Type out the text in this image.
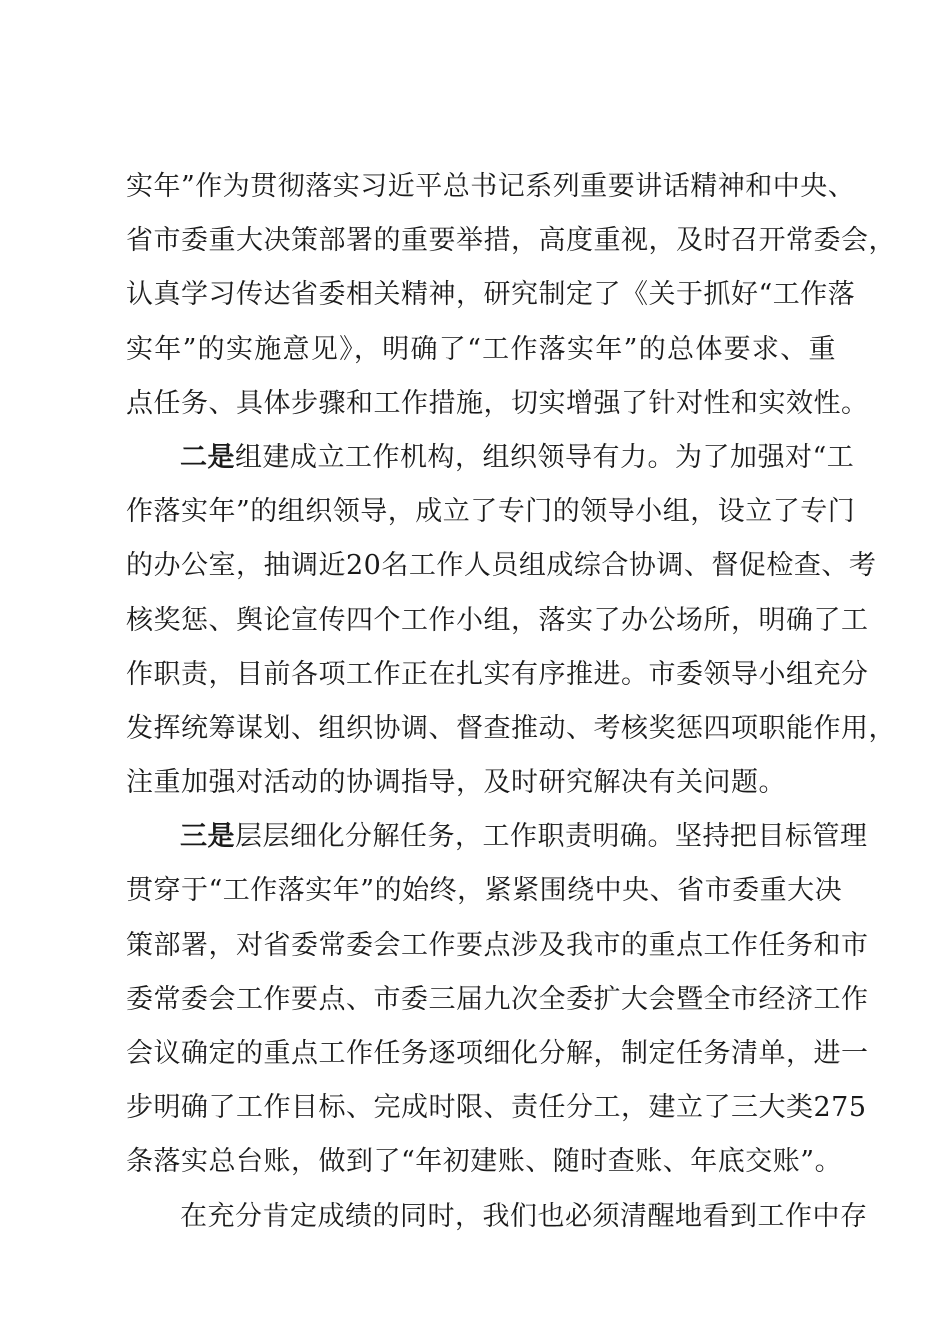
实年”作为贯彻落实习近平总书记系列重要讲话精神和中央、
省市委重大决策部署的重要举措，高度重视，及时召开常委会，
认真学习传达省委相关精神，研究制定了《关于抓好“工作落
实年”的实施意见》，明确了“工作落实年”的总体要求、重
点任务、具体步骤和工作措施，切实增强了针对性和实效性。
二是组建成立工作机构，组织领导有力。为了加强对“工
作落实年”的组织领导，成立了专门的领导小组，设立了专门
的办公室，抽调近20名工作人员组成综合协调、督促检查、考
核奖惩、舆论宣传四个工作小组，落实了办公场所，明确了工
作职责，目前各项工作正在扎实有序推进。市委领导小组充分
发挥统筹谋划、组织协调、督查推动、考核奖惩四项职能作用，
注重加强对活动的协调指导，及时研究解决有关问题。
三是层层细化分解任务，工作职责明确。坚持把目标管理
贯穿于“工作落实年”的始终，紧紧围绕中央、省市委重大决
策部署，对省委常委会工作要点涉及我市的重点工作任务和市
委常委会工作要点、市委三届九次全委扩大会暨全市经济工作
会议确定的重点工作任务逐项细化分解，制定任务清单，进一
步明确了工作目标、完成时限、责任分工，建立了三大类275
条落实总台账，做到了“年初建账、随时查账、年底交账”。
在充分肯定成绩的同时，我们也必须清醒地看到工作中存
